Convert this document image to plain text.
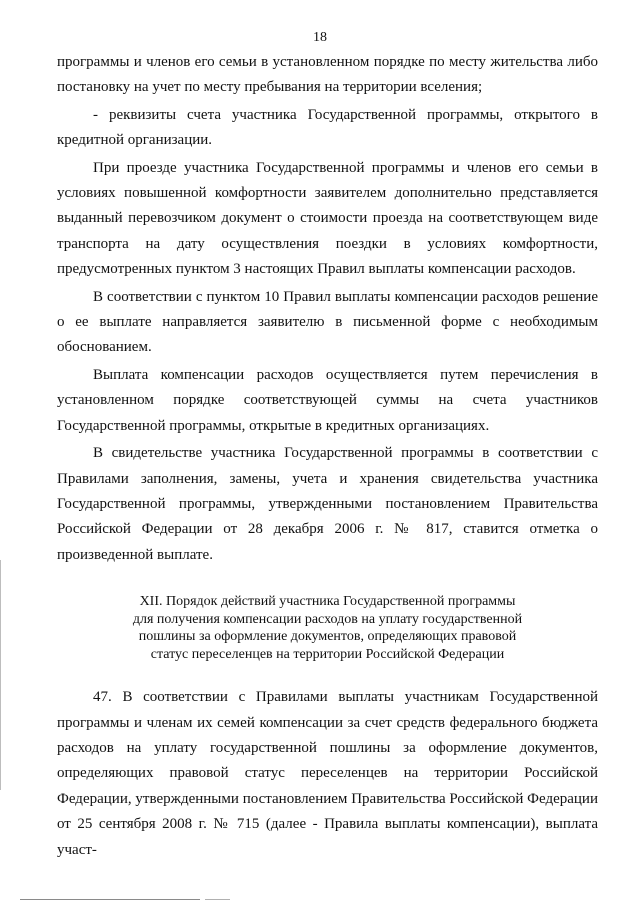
18

программы и членов его семьи в установленном порядке по месту жительства либо постановку на учет по месту пребывания на территории вселения;

- реквизиты счета участника Государственной программы, открытого в кредитной организации.

При проезде участника Государственной программы и членов его семьи в условиях повышенной комфортности заявителем дополнительно представляется выданный перевозчиком документ о стоимости проезда на соответствующем виде транспорта на дату осуществления поездки в условиях комфортности, предусмотренных пунктом 3 настоящих Правил выплаты компенсации расходов.

В соответствии с пунктом 10 Правил выплаты компенсации расходов решение о ее выплате направляется заявителю в письменной форме с необходимым обоснованием.

Выплата компенсации расходов осуществляется путем перечисления в установленном порядке соответствующей суммы на счета участников Государственной программы, открытые в кредитных организациях.

В свидетельстве участника Государственной программы в соответствии с Правилами заполнения, замены, учета и хранения свидетельства участника Государственной программы, утвержденными постановлением Правительства Российской Федерации от 28 декабря 2006 г. № 817, ставится отметка о произведенной выплате.

XII. Порядок действий участника Государственной программы
для получения компенсации расходов на уплату государственной
пошлины за оформление документов, определяющих правовой
статус переселенцев на территории Российской Федерации

47. В соответствии с Правилами выплаты участникам Государственной программы и членам их семей компенсации за счет средств федерального бюджета расходов на уплату государственной пошлины за оформление документов, определяющих правовой статус переселенцев на территории Российской Федерации, утвержденными постановлением Правительства Российской Федерации от 25 сентября 2008 г. № 715 (далее - Правила выплаты компенсации), выплата участ-
